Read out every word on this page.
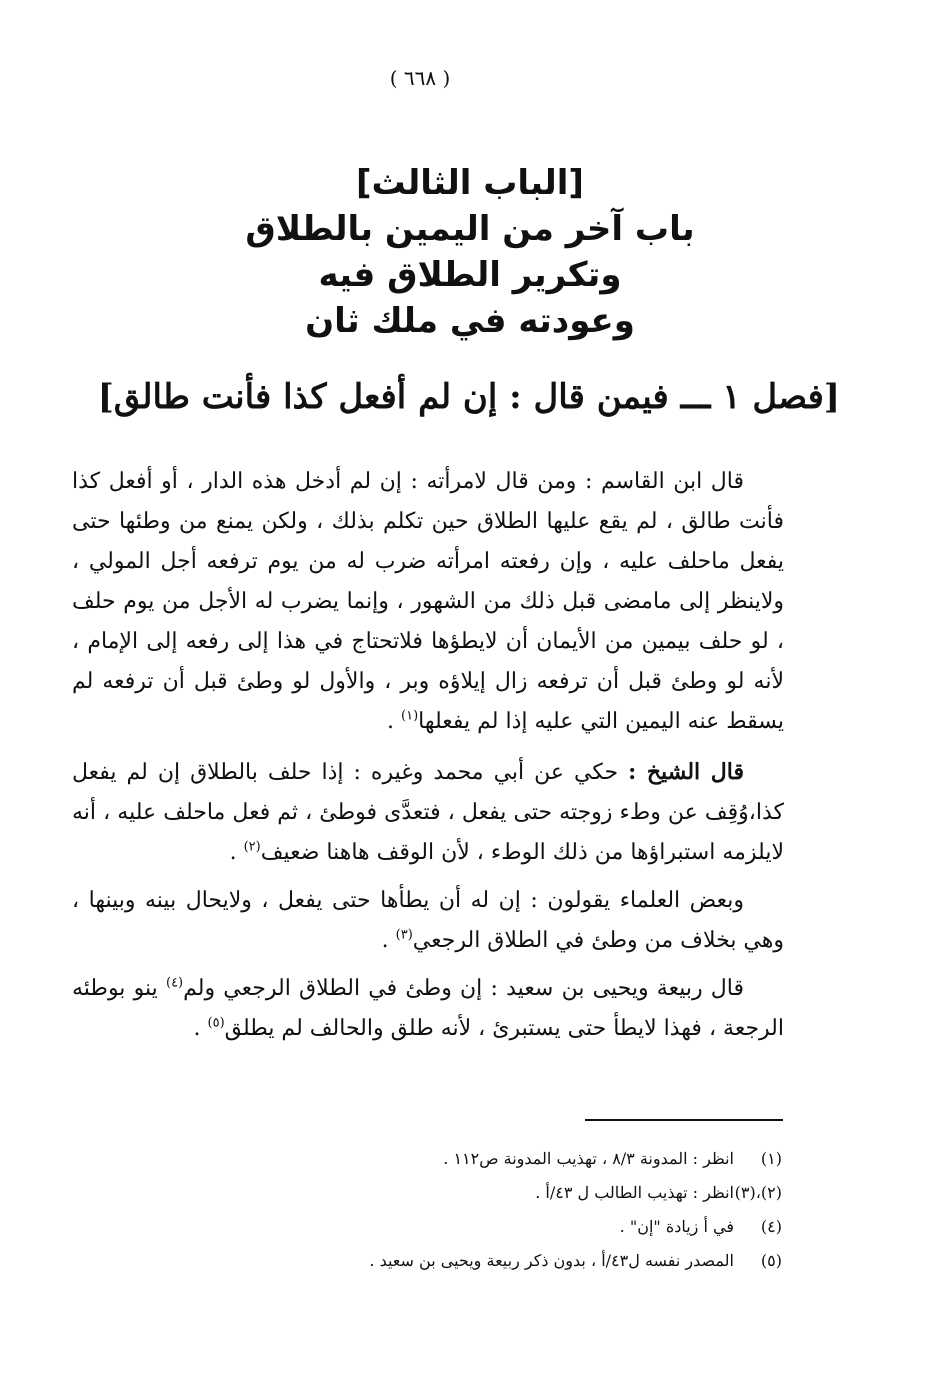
( ٦٦٨ )
[الباب الثالث]
باب آخر من اليمين بالطلاق
وتكرير الطلاق فيه
وعودته في ملك ثان
[فصل ١ ـــ فيمن قال : إن لم أفعل كذا فأنت طالق]

قال ابن القاسم : ومن قال لامرأته : إن لم أدخل هذه الدار ، أو أفعل كذا فأنت طالق ، لم يقع عليها الطلاق حين تكلم بذلك ، ولكن يمنع من وطئها حتى يفعل ماحلف عليه ، وإن رفعته امرأته ضرب له من يوم ترفعه أجل المولي ، ولاينظر إلى مامضى قبل ذلك من الشهور ، وإنما يضرب له الأجل من يوم حلف ، لو حلف بيمين من الأيمان أن لايطؤها فلاتحتاج في هذا إلى رفعه إلى الإمام ، لأنه لو وطئ قبل أن ترفعه زال إيلاؤه وبر ، والأول لو وطئ قبل أن ترفعه لم يسقط عنه اليمين التي عليه إذا لم يفعلها$^{(١)}$ .

قال الشيخ : حكي عن أبي محمد وغيره : إذا حلف بالطلاق إن لم يفعل كذا،وُقِف عن وطء زوجته حتى يفعل ، فتعدَّى فوطئ ، ثم فعل ماحلف عليه ، أنه لايلزمه استبراؤها من ذلك الوطء ، لأن الوقف هاهنا ضعيف$^{(٢)}$ .

وبعض العلماء يقولون : إن له أن يطأها حتى يفعل ، ولايحال بينه وبينها ، وهي بخلاف من وطئ في الطلاق الرجعي$^{(٣)}$ .

قال ربيعة ويحيى بن سعيد : إن وطئ في الطلاق الرجعي ولم$^{(٤)}$ ينو بوطئه الرجعة ، فهذا لايطأ حتى يستبرئ ، لأنه طلق والحالف لم يطلق$^{(٥)}$ .

(١)
انظر : المدونة ٨/٣ ، تهذيب المدونة ص١١٢ .
(٢)،(٣)
انظر : تهذيب الطالب ل ٤٣/أ .
(٤)
في أ زيادة "إن" .
(٥)
المصدر نفسه ل٤٣/أ ، بدون ذكر ربيعة ويحيى بن سعيد .
